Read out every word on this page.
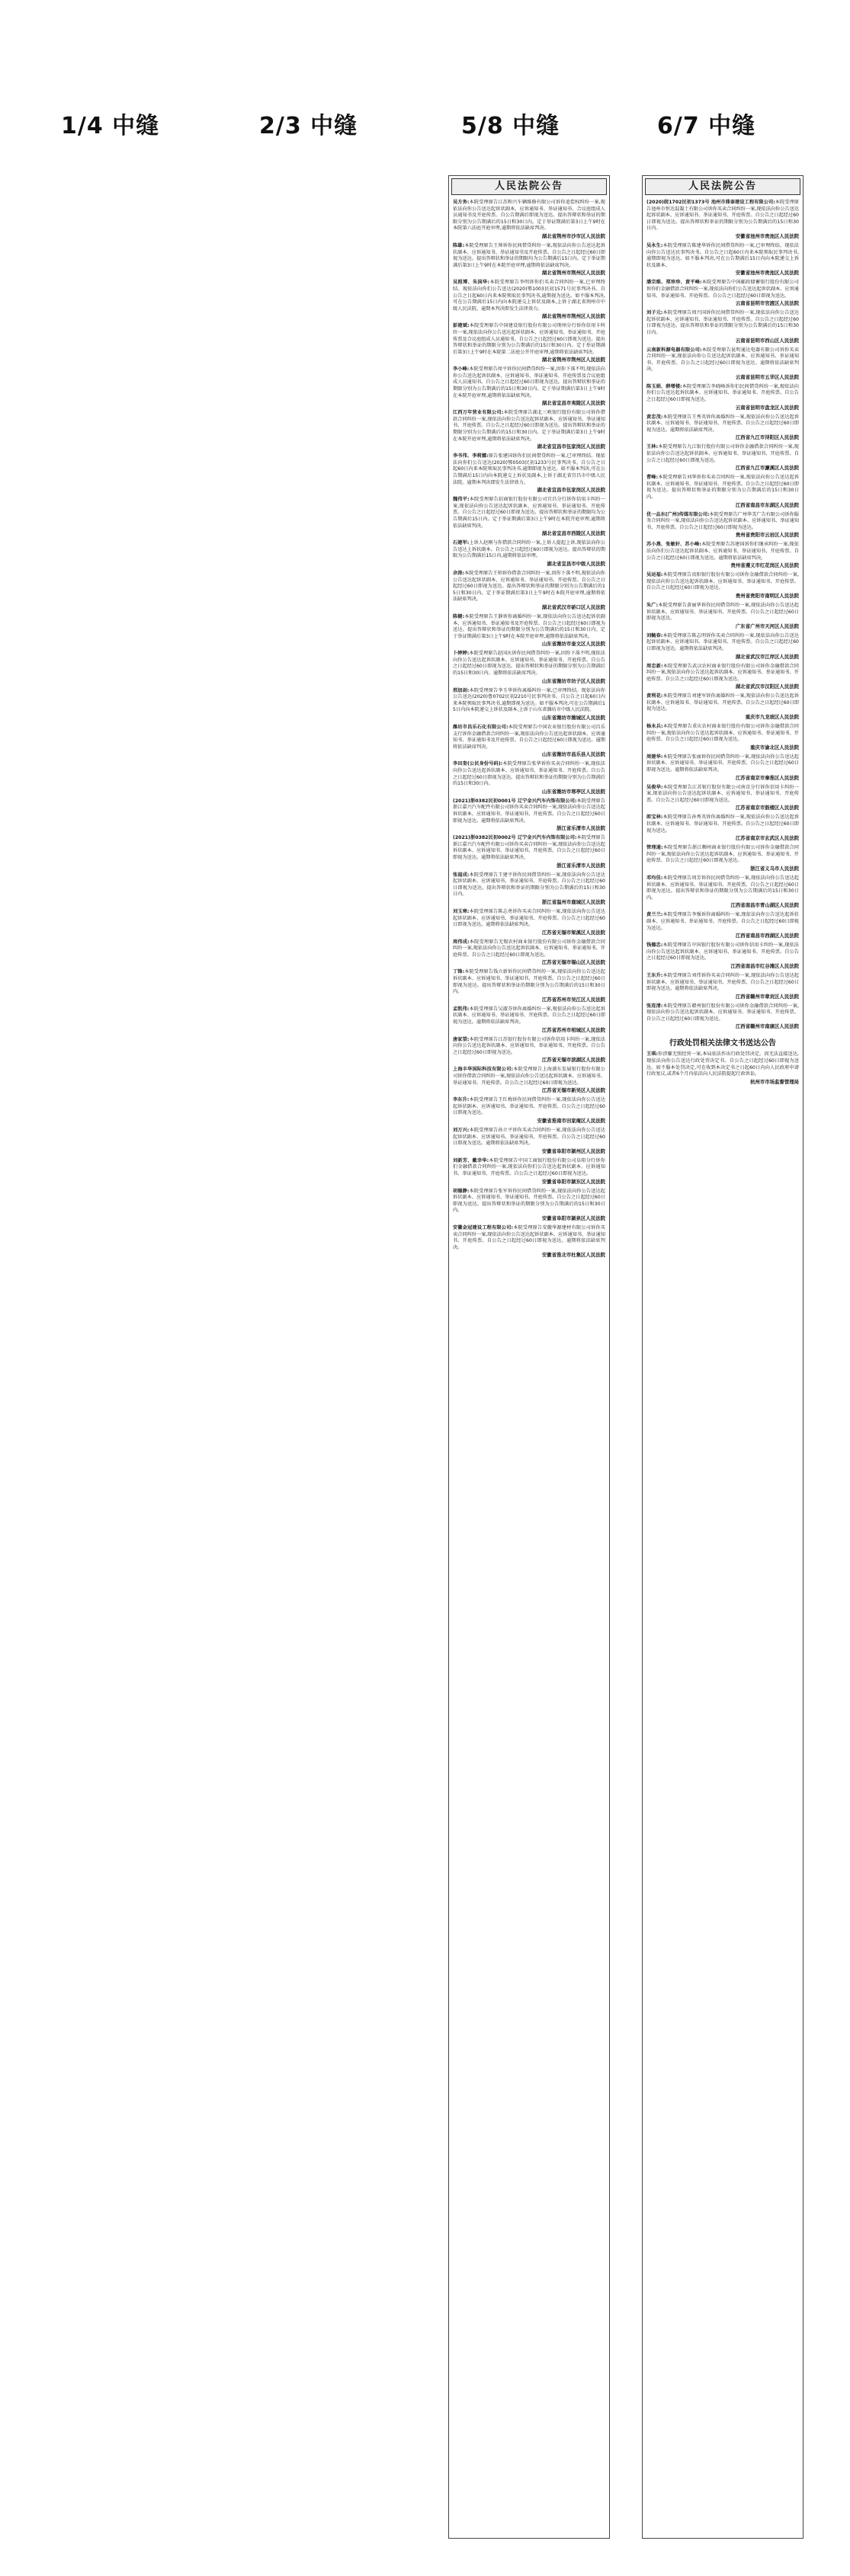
1/4 中缝	2/3 中缝	5/8 中缝	6/7 中缝
人民法院公告
吴方务:本院受理原告江苏和兴车辆维修有限公司诉你追偿权纠纷一案,现依法向你公告送达起诉状副本、应诉通知书、举证通知书、合议庭组成人员通知书及开庭传票。自公告期满后即视为送达。提出答辩状和举证的期限分别为公告期满后的15日和30日内。定于举证期满后第3日上午9时在本院第六法庭开庭审理,逾期将依法缺席判决。
湖北省荆州市沙市区人民法院
陈雄:本院受理原告王帅诉你民间借贷纠纷一案,现依法向你公告送达起诉状副本、应诉通知书、举证通知书及开庭传票。自公告之日起经过60日即视为送达。提出答辩状和举证的期限均为公告期满后15日内。定于举证期满后第3日上午9时在本院开庭审理,逾期将依法缺席判决。
湖北省荆州市荆州区人民法院
吴照博、朱国华:本院受理原告李明诉你们买卖合同纠纷一案,已审理终结。现依法向你们公告送达(2020)鄂1003民初1571号民事判决书。自公告之日起60日内来本院领取民事判决书,逾期视为送达。如不服本判决,可在公告期满后15日内向本院递交上诉状及副本,上诉于湖北省荆州市中级人民法院。逾期本判决即发生法律效力。
湖北省荆州市荆州区人民法院
彭建斌:本院受理原告中国建设银行股份有限公司荆州分行诉你信用卡纠纷一案,现依法向你公告送达起诉状副本、应诉通知书、举证通知书、开庭传票及合议庭组成人员通知书。自公告之日起经过60日即视为送达。提出答辩状和举证的期限分别为公告期满后的15日和30日内。定于举证期满后第3日上午9时在本院第二法庭公开开庭审理,逾期将依法缺席判决。
湖北省荆州市荆州区人民法院
李小峰:本院受理原告周平诉你民间借贷纠纷一案,因你下落不明,现依法向你公告送达起诉状副本、应诉通知书、举证通知书、开庭传票及合议庭组成人员通知书。自公告之日起经过60日即视为送达。提出答辩状和举证的期限分别为公告期满后的15日和30日内。定于举证期满后第3日上午9时在本院开庭审理,逾期将依法缺席判决。
湖北省宜昌市夷陵区人民法院
江西万年营业有限公司:本院受理原告湖北三峡银行股份有限公司诉你借款合同纠纷一案,现依法向你公告送达起诉状副本、应诉通知书、举证通知书、开庭传票。自公告之日起经过60日即视为送达。提出答辩状和举证的期限分别为公告期满后的15日和30日内。定于举证期满后第3日上午9时在本院开庭审理,逾期将依法缺席判决。
湖北省宜昌市伍家岗区人民法院
李书伟、李莉娜:原告张建国诉你们民间借贷纠纷一案,已审理终结。现依法向你们公告送达(2020)鄂0503民初1233号民事判决书。自公告之日起60日内来本院领取民事判决书,逾期即视为送达。如不服本判决,可在公告期满后15日内向本院递交上诉状及副本,上诉于湖北省宜昌市中级人民法院。逾期本判决即发生法律效力。
湖北省宜昌市伍家岗区人民法院
魏伟平:本院受理原告招商银行股份有限公司宜昌分行诉你信用卡纠纷一案,现依法向你公告送达起诉状副本、应诉通知书、举证通知书、开庭传票。自公告之日起经过60日即视为送达。提出答辩状和举证的期限均为公告期满后15日内。定于举证期满后第3日上午9时在本院开庭审理,逾期将依法缺席判决。
湖北省宜昌市西陵区人民法院
石建军:上诉人赵刚与你借款合同纠纷一案,上诉人提起上诉,现依法向你公告送达上诉状副本。自公告之日起经过60日即视为送达。提出答辩状的期限为公告期满后15日内,逾期将依法审理。
湖北省宜昌市中级人民法院
余涛:本院受理原告王帅诉你借款合同纠纷一案,因你下落不明,现依法向你公告送达起诉状副本、应诉通知书、举证通知书、开庭传票。自公告之日起经过60日即视为送达。提出答辩状和举证的期限分别为公告期满后的15日和30日内。定于举证期满后第3日上午9时在本院开庭审理,逾期将依法缺席判决。
湖北省武汉市硚口区人民法院
陈健:本院受理原告王静诉你离婚纠纷一案,现依法向你公告送达起诉状副本、应诉通知书、举证通知书及开庭传票。自公告之日起经过60日即视为送达。提出答辩状和举证的期限分别为公告期满后的15日和30日内。定于举证期满后第3日上午9时在本院开庭审理,逾期将依法缺席判决。
山东省潍坊市奎文区人民法院
卜婷婷:本院受理原告赵国庆诉你民间借贷纠纷一案,因你下落不明,现依法向你公告送达起诉状副本、应诉通知书、举证通知书、开庭传票。自公告之日起经过60日即视为送达。提出答辩状和举证的期限分别为公告期满后的15日和30日内。逾期将依法缺席判决。
山东省潍坊市坊子区人民法院
邢加剑:本院受理原告李玉华诉你离婚纠纷一案,已审理终结。现依法向你公告送达(2020)鲁0702民初2210号民事判决书。自公告之日起60日内来本院领取民事判决书,逾期即视为送达。如不服本判决,可在公告期满后15日内向本院递交上诉状及副本,上诉于山东省潍坊市中级人民法院。
山东省潍坊市潍城区人民法院
潍坊市昌乐石化有限公司:本院受理原告中国农业银行股份有限公司昌乐支行诉你金融借款合同纠纷一案,现依法向你公告送达起诉状副本、应诉通知书、举证通知书及开庭传票。自公告之日起经过60日即视为送达。逾期将依法缺席判决。
山东省潍坊市昌乐县人民法院
李田奎(公民身份号码):本院受理原告张华诉你买卖合同纠纷一案,现依法向你公告送达起诉状副本、应诉通知书、举证通知书、开庭传票。自公告之日起经过60日即视为送达。提出答辩状和举证的期限分别为公告期满后的15日和30日内。
山东省潍坊市寒亭区人民法院
(2021)浙0382民初0001号 辽宁金兴汽车内饰有限公司:本院受理原告浙江嘉兴汽车配件有限公司诉你买卖合同纠纷一案,现依法向你公告送达起诉状副本、应诉通知书、举证通知书、开庭传票。自公告之日起经过60日即视为送达。逾期将依法缺席判决。
浙江省乐清市人民法院
(2021)浙0382民初0002号 辽宁金兴汽车内饰有限公司:本院受理原告浙江嘉兴汽车配件有限公司诉你买卖合同纠纷一案,现依法向你公告送达起诉状副本、应诉通知书、举证通知书、开庭传票。自公告之日起经过60日即视为送达。逾期将依法缺席判决。
浙江省乐清市人民法院
张福成:本院受理原告王建平诉你民间借贷纠纷一案,现依法向你公告送达起诉状副本、应诉通知书、举证通知书、开庭传票。自公告之日起经过60日即视为送达。提出答辩状和举证的期限分别为公告期满后的15日和30日内。
浙江省温州市鹿城区人民法院
刘玉寒:本院受理原告陈志勇诉你买卖合同纠纷一案,现依法向你公告送达起诉状副本、应诉通知书、举证通知书、开庭传票。自公告之日起经过60日即视为送达。逾期将依法缺席判决。
江苏省无锡市梁溪区人民法院
周伟成:本院受理原告无锡农村商业银行股份有限公司诉你金融借款合同纠纷一案,现依法向你公告送达起诉状副本、应诉通知书、举证通知书、开庭传票。自公告之日起经过60日即视为送达。
江苏省无锡市锡山区人民法院
丁锋:本院受理原告钱立新诉你民间借贷纠纷一案,现依法向你公告送达起诉状副本、应诉通知书、举证通知书、开庭传票。自公告之日起经过60日即视为送达。提出答辩状和举证的期限分别为公告期满后的15日和30日内。
江苏省苏州市吴江区人民法院
孟凯伟:本院受理原告吴淑芬诉你离婚纠纷一案,现依法向你公告送达起诉状副本、应诉通知书、举证通知书、开庭传票。自公告之日起经过60日即视为送达。逾期将依法缺席判决。
江苏省苏州市相城区人民法院
唐家望:本院受理原告江苏银行股份有限公司诉你信用卡纠纷一案,现依法向你公告送达起诉状副本、应诉通知书、举证通知书、开庭传票。自公告之日起经过60日即视为送达。
江苏省无锡市滨湖区人民法院
上海丰华国际科技有限公司:本院受理原告上海浦东发展银行股份有限公司诉你借款合同纠纷一案,现依法向你公告送达起诉状副本、应诉通知书、举证通知书、开庭传票。自公告之日起经过60日即视为送达。
江苏省无锡市新吴区人民法院
李东升:本院受理原告王红梅诉你民间借贷纠纷一案,现依法向你公告送达起诉状副本、应诉通知书、举证通知书、开庭传票。自公告之日起经过60日即视为送达。
安徽省淮南市田家庵区人民法院
刘万兴:本院受理原告孙立平诉你买卖合同纠纷一案,现依法向你公告送达起诉状副本、应诉通知书、举证通知书、开庭传票。自公告之日起经过60日即视为送达。逾期将依法缺席判决。
安徽省阜阳市颍州区人民法院
刘新芳、戴幸华:本院受理原告中国工商银行股份有限公司阜阳分行诉你们金融借款合同纠纷一案,现依法向你们公告送达起诉状副本、应诉通知书、举证通知书、开庭传票。自公告之日起经过60日即视为送达。
安徽省阜阳市颍东区人民法院
胡德静:本院受理原告张军诉你民间借贷纠纷一案,现依法向你公告送达起诉状副本、应诉通知书、举证通知书、开庭传票。自公告之日起经过60日即视为送达。提出答辩状和举证的期限分别为公告期满后的15日和30日内。
安徽省阜阳市颍泉区人民法院
安徽金冠建设工程有限公司:本院受理原告安徽华源建材有限公司诉你买卖合同纠纷一案,现依法向你公告送达起诉状副本、应诉通知书、举证通知书、开庭传票。自公告之日起经过60日即视为送达。逾期将依法缺席判决。
安徽省淮北市杜集区人民法院
人民法院公告
(2020)皖1702民初1373号 池州市鼎泰建设工程有限公司:本院受理原告池州市恒达混凝土有限公司诉你买卖合同纠纷一案,现依法向你公告送达起诉状副本、应诉通知书、举证通知书、开庭传票。自公告之日起经过60日即视为送达。提出答辩状和举证的期限分别为公告期满后的15日和30日内。
安徽省池州市贵池区人民法院
吴永生:本院受理原告陈建华诉你民间借贷纠纷一案,已审理终结。现依法向你公告送达民事判决书。自公告之日起60日内来本院领取民事判决书,逾期即视为送达。如不服本判决,可在公告期满后15日内向本院递交上诉状及副本。
安徽省池州市贵池区人民法院
潘宗维、郑珍珍、黄平峰:本院受理原告中国邮政储蓄银行股份有限公司诉你们金融借款合同纠纷一案,现依法向你们公告送达起诉状副本、应诉通知书、举证通知书、开庭传票。自公告之日起经过60日即视为送达。
云南省昆明市官渡区人民法院
刘子元:本院受理原告周兴国诉你民间借贷纠纷一案,现依法向你公告送达起诉状副本、应诉通知书、举证通知书、开庭传票。自公告之日起经过60日即视为送达。提出答辩状和举证的期限分别为公告期满后的15日和30日内。
云南省昆明市西山区人民法院
云南新科源电器有限公司:本院受理原告昆明通达电器有限公司诉你买卖合同纠纷一案,现依法向你公告送达起诉状副本、应诉通知书、举证通知书、开庭传票。自公告之日起经过60日即视为送达。逾期将依法缺席判决。
云南省昆明市五华区人民法院
陈玉娟、薛增楼:本院受理原告李晓峰诉你们民间借贷纠纷一案,现依法向你们公告送达起诉状副本、应诉通知书、举证通知书、开庭传票。自公告之日起经过60日即视为送达。
云南省昆明市盘龙区人民法院
黄忠茂:本院受理原告王秀英诉你离婚纠纷一案,现依法向你公告送达起诉状副本、应诉通知书、举证通知书、开庭传票。自公告之日起经过60日即视为送达。逾期将依法缺席判决。
江西省九江市浔阳区人民法院
王林:本院受理原告九江银行股份有限公司诉你金融借款合同纠纷一案,现依法向你公告送达起诉状副本、应诉通知书、举证通知书、开庭传票。自公告之日起经过60日即视为送达。
江西省九江市濂溪区人民法院
曹峰:本院受理原告刘华诉你买卖合同纠纷一案,现依法向你公告送达起诉状副本、应诉通知书、举证通知书、开庭传票。自公告之日起经过60日即视为送达。提出答辩状和举证的期限分别为公告期满后的15日和30日内。
江西省南昌市东湖区人民法院
优一品东(广州)传媒有限公司:本院受理原告广州华美广告有限公司诉你服务合同纠纷一案,现依法向你公告送达起诉状副本、应诉通知书、举证通知书、开庭传票。自公告之日起经过60日即视为送达。
贵州省贵阳市云岩区人民法院
苏小燕、张敏轩、苏小峰:本院受理原告苏建国诉你们继承纠纷一案,现依法向你们公告送达起诉状副本、应诉通知书、举证通知书、开庭传票。自公告之日起经过60日即视为送达。逾期将依法缺席判决。
贵州省遵义市红花岗区人民法院
吴运福:本院受理原告贵阳银行股份有限公司诉你金融借款合同纠纷一案,现依法向你公告送达起诉状副本、应诉通知书、举证通知书、开庭传票。自公告之日起经过60日即视为送达。
贵州省贵阳市南明区人民法院
朱广:本院受理原告黄丽华诉你民间借贷纠纷一案,现依法向你公告送达起诉状副本、应诉通知书、举证通知书、开庭传票。自公告之日起经过60日即视为送达。
广东省广州市天河区人民法院
刘毓春:本院受理原告陈志明诉你买卖合同纠纷一案,现依法向你公告送达起诉状副本、应诉通知书、举证通知书、开庭传票。自公告之日起经过60日即视为送达。逾期将依法缺席判决。
湖北省武汉市江岸区人民法院
周忠新:本院受理原告武汉农村商业银行股份有限公司诉你金融借款合同纠纷一案,现依法向你公告送达起诉状副本、应诉通知书、举证通知书、开庭传票。自公告之日起经过60日即视为送达。
湖北省武汉市汉阳区人民法院
黄利花:本院受理原告刘建军诉你离婚纠纷一案,现依法向你公告送达起诉状副本、应诉通知书、举证通知书、开庭传票。自公告之日起经过60日即视为送达。
重庆市九龙坡区人民法院
杨永兵:本院受理原告重庆农村商业银行股份有限公司诉你金融借款合同纠纷一案,现依法向你公告送达起诉状副本、应诉通知书、举证通知书、开庭传票。自公告之日起经过60日即视为送达。
重庆市渝北区人民法院
周建华:本院受理原告张丽诉你民间借贷纠纷一案,现依法向你公告送达起诉状副本、应诉通知书、举证通知书、开庭传票。自公告之日起经过60日即视为送达。逾期将依法缺席判决。
江苏省南京市秦淮区人民法院
吴俊华:本院受理原告江苏银行股份有限公司南京分行诉你信用卡纠纷一案,现依法向你公告送达起诉状副本、应诉通知书、举证通知书、开庭传票。自公告之日起经过60日即视为送达。
江苏省南京市鼓楼区人民法院
郎宝林:本院受理原告孙秀英诉你离婚纠纷一案,现依法向你公告送达起诉状副本、应诉通知书、举证通知书、开庭传票。自公告之日起经过60日即视为送达。
江苏省南京市玄武区人民法院
管理通:本院受理原告浙江稠州商业银行股份有限公司诉你金融借款合同纠纷一案,现依法向你公告送达起诉状副本、应诉通知书、举证通知书、开庭传票。自公告之日起经过60日即视为送达。
浙江省义乌市人民法院
邓均佳:本院受理原告周芳诉你民间借贷纠纷一案,现依法向你公告送达起诉状副本、应诉通知书、举证通知书、开庭传票。自公告之日起经过60日即视为送达。提出答辩状和举证的期限分别为公告期满后的15日和30日内。
江西省南昌市青山湖区人民法院
黄兰兰:本院受理原告李强诉你离婚纠纷一案,现依法向你公告送达起诉状副本、应诉通知书、举证通知书、开庭传票。自公告之日起经过60日即视为送达。
江西省南昌市西湖区人民法院
钱德忠:本院受理原告中国银行股份有限公司诉你信用卡纠纷一案,现依法向你公告送达起诉状副本、应诉通知书、举证通知书、开庭传票。自公告之日起经过60日即视为送达。
江西省南昌市红谷滩区人民法院
王东升:本院受理原告刘伟诉你买卖合同纠纷一案,现依法向你公告送达起诉状副本、应诉通知书、举证通知书、开庭传票。自公告之日起经过60日即视为送达。逾期将依法缺席判决。
江西省赣州市章贡区人民法院
张连清:本院受理原告赣州银行股份有限公司诉你金融借款合同纠纷一案,现依法向你公告送达起诉状副本、应诉通知书、举证通知书、开庭传票。自公告之日起经过60日即视为送达。
江西省赣州市南康区人民法院
行政处罚相关法律文书送达公告
王琪:你涉嫌无照经营一案,本局依法作出行政处罚决定。因无法直接送达,现依法向你公告送达行政处罚决定书。自公告之日起经过60日即视为送达。如不服本处罚决定,可在收到本决定书之日起60日内向人民政府申请行政复议,或者6个月内依法向人民法院提起行政诉讼。
杭州市市场监督管理局
